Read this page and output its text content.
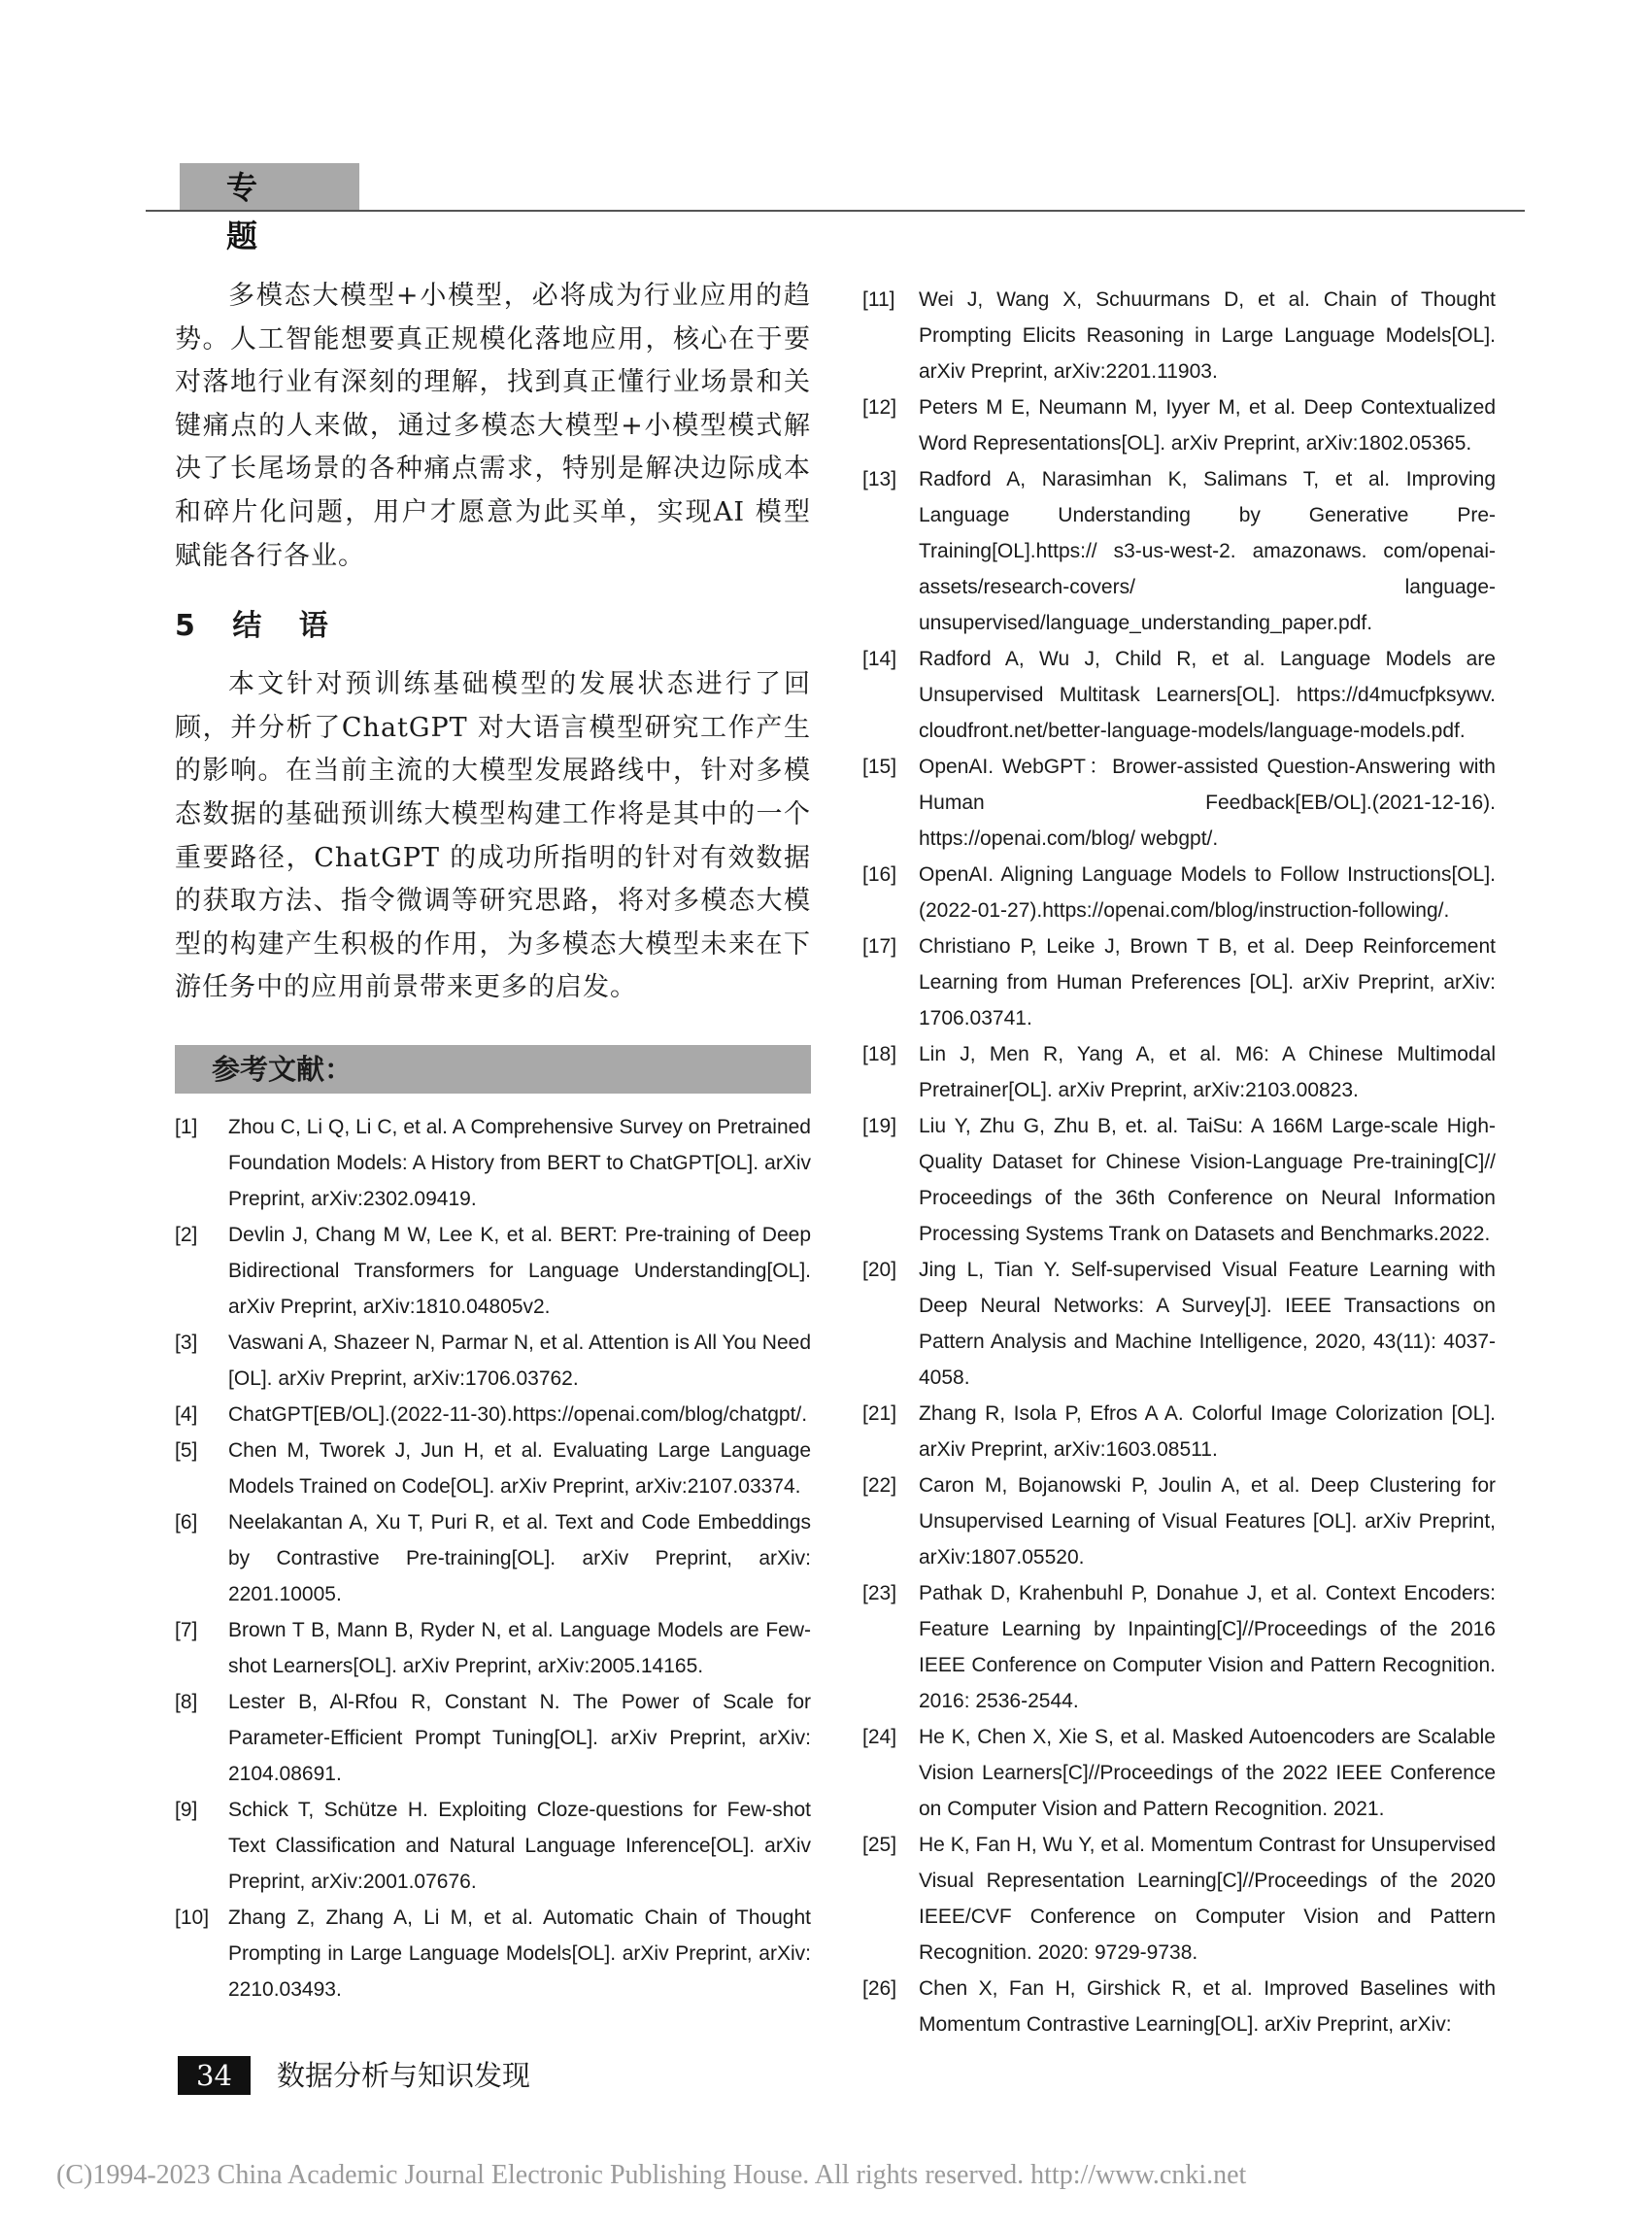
专 题

多模态大模型+小模型，必将成为行业应用的趋势。人工智能想要真正规模化落地应用，核心在于要对落地行业有深刻的理解，找到真正懂行业场景和关键痛点的人来做，通过多模态大模型+小模型模式解决了长尾场景的各种痛点需求，特别是解决边际成本和碎片化问题，用户才愿意为此买单，实现AI 模型赋能各行各业。

5 结 语

本文针对预训练基础模型的发展状态进行了回顾，并分析了ChatGPT 对大语言模型研究工作产生的影响。在当前主流的大模型发展路线中，针对多模态数据的基础预训练大模型构建工作将是其中的一个重要路径，ChatGPT 的成功所指明的针对有效数据的获取方法、指令微调等研究思路，将对多模态大模型的构建产生积极的作用，为多模态大模型未来在下游任务中的应用前景带来更多的启发。

参考文献：
[1]	Zhou C, Li Q, Li C, et al. A Comprehensive Survey on Pretrained Foundation Models: A History from BERT to ChatGPT[OL]. arXiv Preprint, arXiv:2302.09419.
[2]	Devlin J, Chang M W, Lee K, et al. BERT: Pre-training of Deep Bidirectional Transformers for Language Understanding[OL]. arXiv Preprint, arXiv:1810.04805v2.
[3]	Vaswani A, Shazeer N, Parmar N, et al. Attention is All You Need [OL]. arXiv Preprint, arXiv:1706.03762.
[4]	ChatGPT[EB/OL].(2022-11-30).https://openai.com/blog/chatgpt/.
[5]	Chen M, Tworek J, Jun H, et al. Evaluating Large Language Models Trained on Code[OL]. arXiv Preprint, arXiv:2107.03374.
[6]	Neelakantan A, Xu T, Puri R, et al. Text and Code Embeddings by Contrastive Pre-training[OL]. arXiv Preprint, arXiv: 2201.10005.
[7]	Brown T B, Mann B, Ryder N, et al. Language Models are Few-shot Learners[OL]. arXiv Preprint, arXiv:2005.14165.
[8]	Lester B, Al-Rfou R, Constant N. The Power of Scale for Parameter-Efficient Prompt Tuning[OL]. arXiv Preprint, arXiv: 2104.08691.
[9]	Schick T, Schütze H. Exploiting Cloze-questions for Few-shot Text Classification and Natural Language Inference[OL]. arXiv Preprint, arXiv:2001.07676.
[10] Zhang Z, Zhang A, Li M, et al. Automatic Chain of Thought Prompting in Large Language Models[OL]. arXiv Preprint, arXiv: 2210.03493.
[11]	Wei J, Wang X, Schuurmans D, et al. Chain of Thought Prompting Elicits Reasoning in Large Language Models[OL]. arXiv Preprint, arXiv:2201.11903.
[12]	Peters M E, Neumann M, Iyyer M, et al. Deep Contextualized Word Representations[OL]. arXiv Preprint, arXiv:1802.05365.
[13]	Radford A, Narasimhan K, Salimans T, et al. Improving Language Understanding by Generative Pre-Training[OL].https:// s3-us-west-2. amazonaws. com/openai-assets/research-covers/ language-unsupervised/language_understanding_paper.pdf.
[14]	Radford A, Wu J, Child R, et al. Language Models are Unsupervised Multitask Learners[OL]. https://d4mucfpksywv. cloudfront.net/better-language-models/language-models.pdf.
[15]	OpenAI. WebGPT：Brower-assisted Question-Answering with Human Feedback[EB/OL].(2021-12-16). https://openai.com/blog/ webgpt/.
[16]	OpenAI. Aligning Language Models to Follow Instructions[OL]. (2022-01-27).https://openai.com/blog/instruction-following/.
[17]	Christiano P, Leike J, Brown T B, et al. Deep Reinforcement Learning from Human Preferences [OL]. arXiv Preprint, arXiv: 1706.03741.
[18]	Lin J, Men R, Yang A, et al. M6: A Chinese Multimodal Pretrainer[OL]. arXiv Preprint, arXiv:2103.00823.
[19]	Liu Y, Zhu G, Zhu B, et. al. TaiSu: A 166M Large-scale High-Quality Dataset for Chinese Vision-Language Pre-training[C]// Proceedings of the 36th Conference on Neural Information Processing Systems Trank on Datasets and Benchmarks.2022.
[20]	Jing L, Tian Y. Self-supervised Visual Feature Learning with Deep Neural Networks: A Survey[J]. IEEE Transactions on Pattern Analysis and Machine Intelligence, 2020, 43(11): 4037-4058.
[21]	Zhang R, Isola P, Efros A A. Colorful Image Colorization [OL]. arXiv Preprint, arXiv:1603.08511.
[22]	Caron M, Bojanowski P, Joulin A, et al. Deep Clustering for Unsupervised Learning of Visual Features [OL]. arXiv Preprint, arXiv:1807.05520.
[23]	Pathak D, Krahenbuhl P, Donahue J, et al. Context Encoders: Feature Learning by Inpainting[C]//Proceedings of the 2016 IEEE Conference on Computer Vision and Pattern Recognition. 2016: 2536-2544.
[24]	He K, Chen X, Xie S, et al. Masked Autoencoders are Scalable Vision Learners[C]//Proceedings of the 2022 IEEE Conference on Computer Vision and Pattern Recognition. 2021.
[25]	He K, Fan H, Wu Y, et al. Momentum Contrast for Unsupervised Visual Representation Learning[C]//Proceedings of the 2020 IEEE/CVF Conference on Computer Vision and Pattern Recognition. 2020: 9729-9738.
[26]	Chen X, Fan H, Girshick R, et al. Improved Baselines with Momentum Contrastive Learning[OL]. arXiv Preprint, arXiv:
34	数据分析与知识发现
(C)1994-2023 China Academic Journal Electronic Publishing House. All rights reserved. http://www.cnki.net
